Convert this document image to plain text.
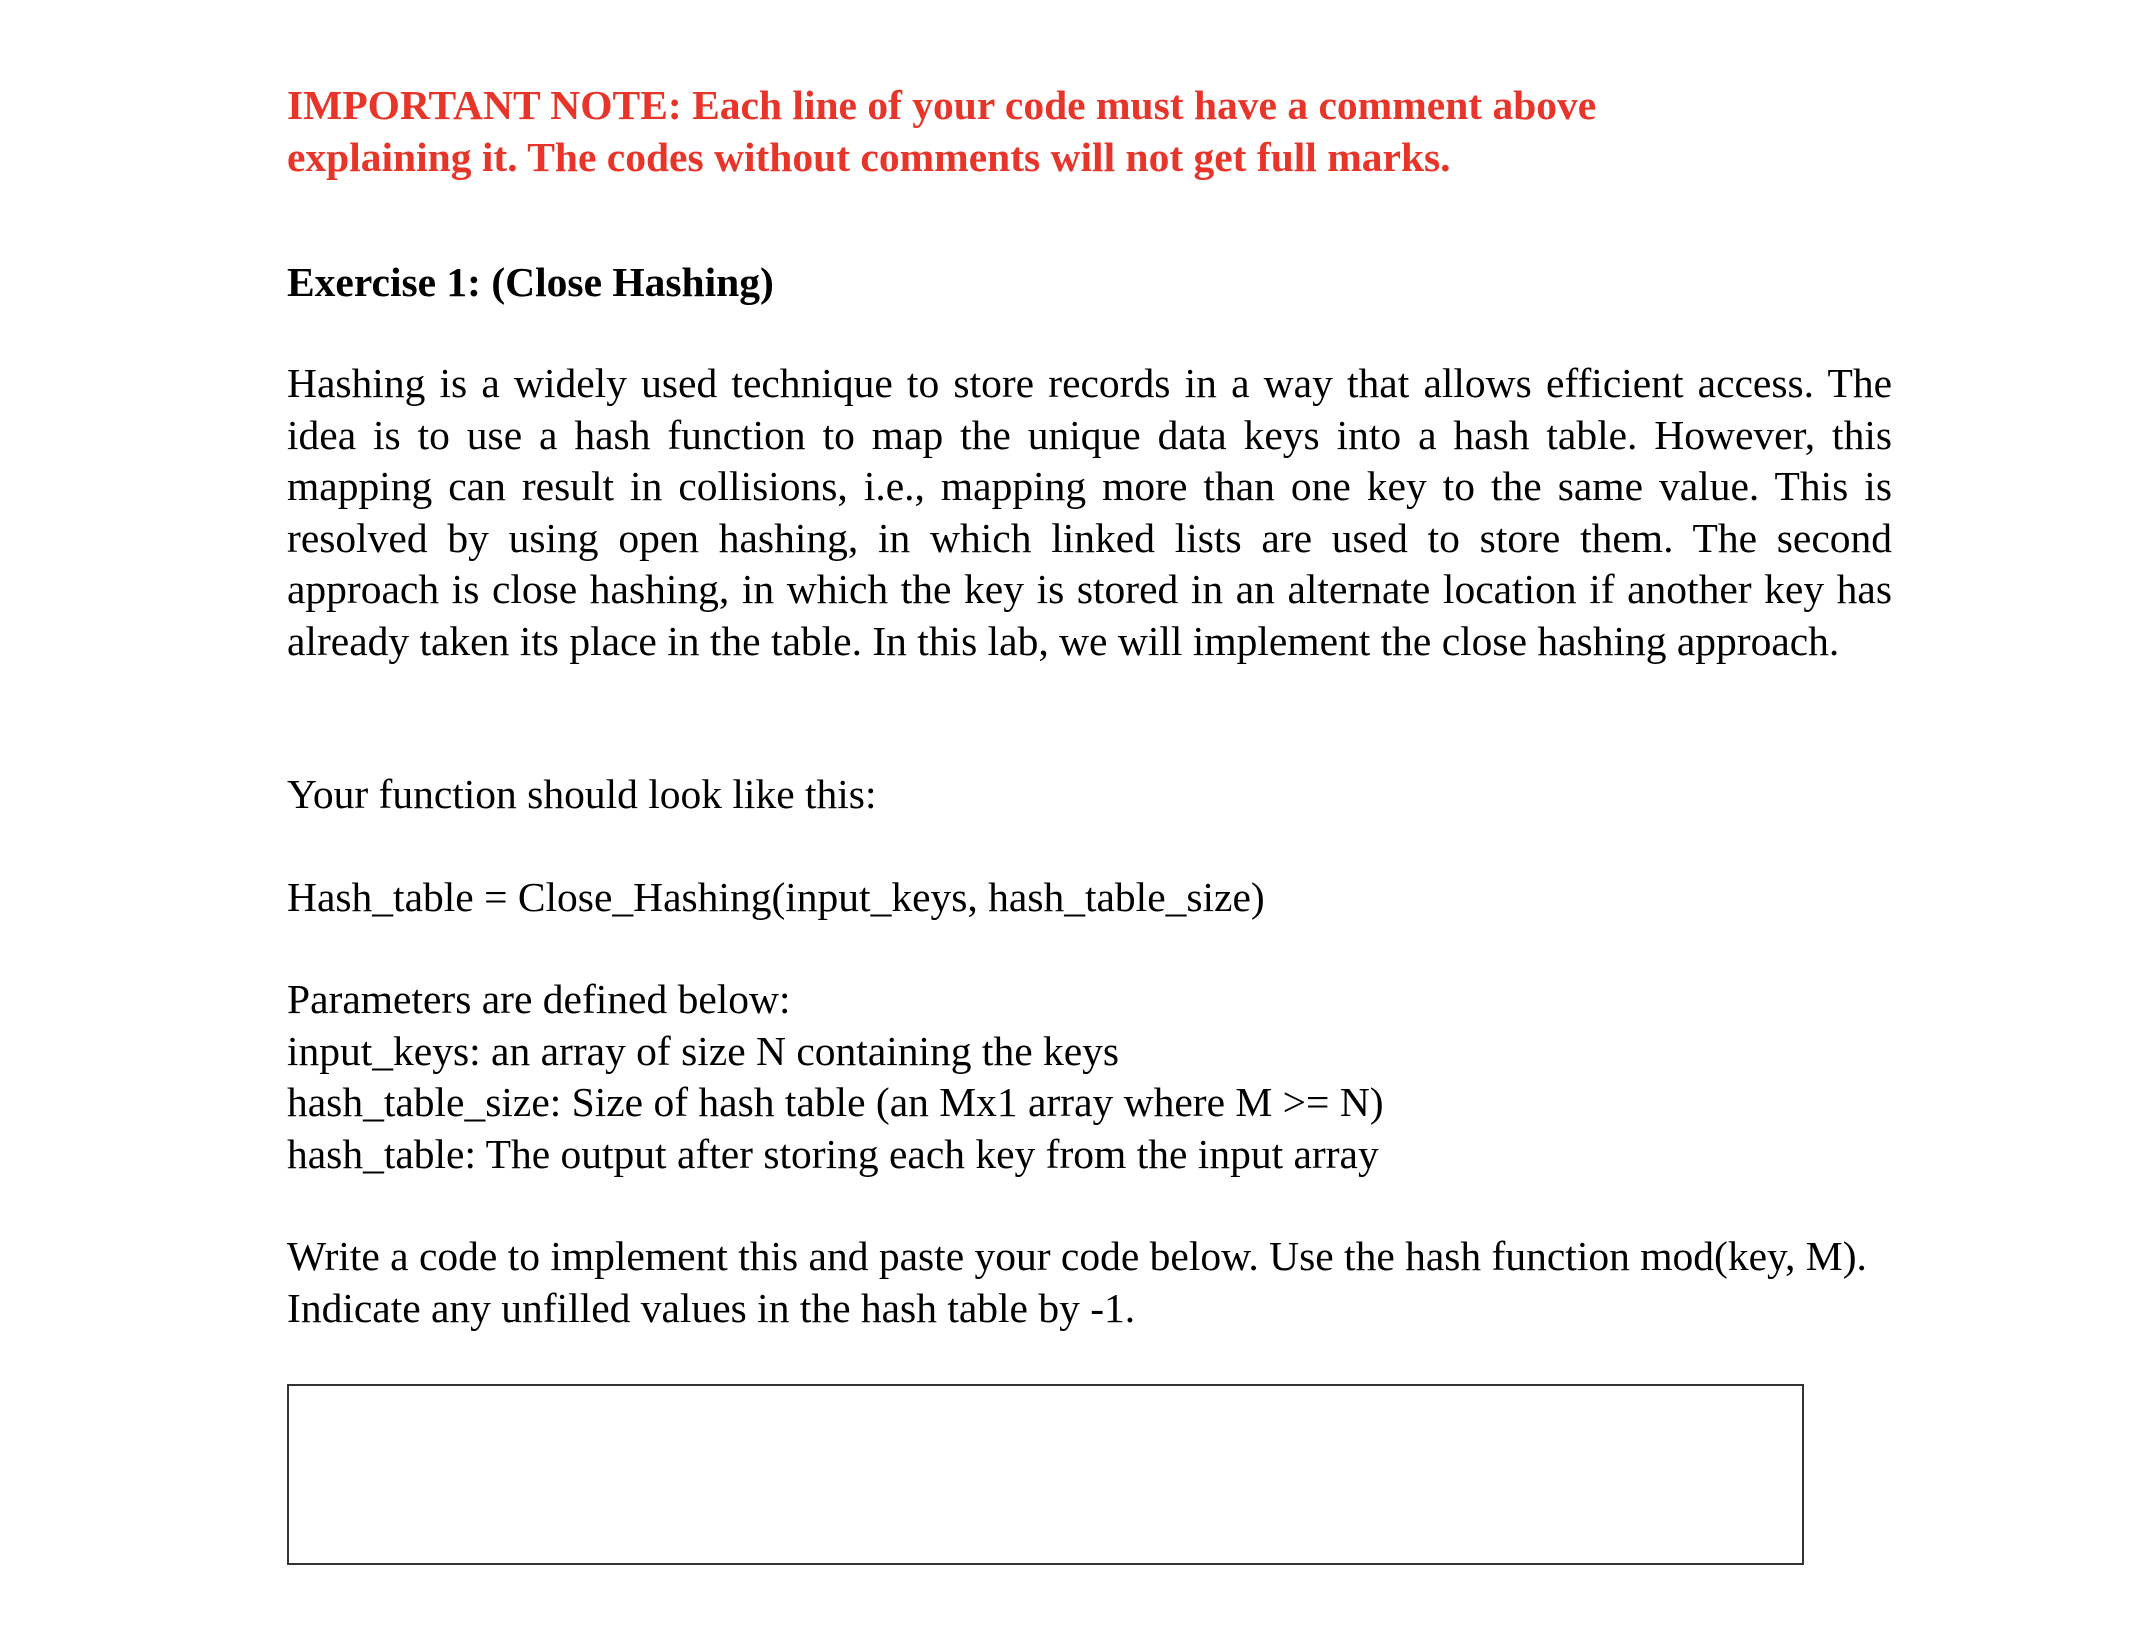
IMPORTANT NOTE: Each line of your code must have a comment above explaining it. The codes without comments will not get full marks.
Exercise 1: (Close Hashing)
Hashing is a widely used technique to store records in a way that allows efficient access. The idea is to use a hash function to map the unique data keys into a hash table. However, this mapping can result in collisions, i.e., mapping more than one key to the same value. This is resolved by using open hashing, in which linked lists are used to store them. The second approach is close hashing, in which the key is stored in an alternate location if another key has already taken its place in the table. In this lab, we will implement the close hashing approach.
Your function should look like this:
Hash_table = Close_Hashing(input_keys, hash_table_size)
Parameters are defined below:
input_keys: an array of size N containing the keys
hash_table_size: Size of hash table (an Mx1 array where M >= N)
hash_table: The output after storing each key from the input array
Write a code to implement this and paste your code below. Use the hash function mod(key, M). Indicate any unfilled values in the hash table by -1.
